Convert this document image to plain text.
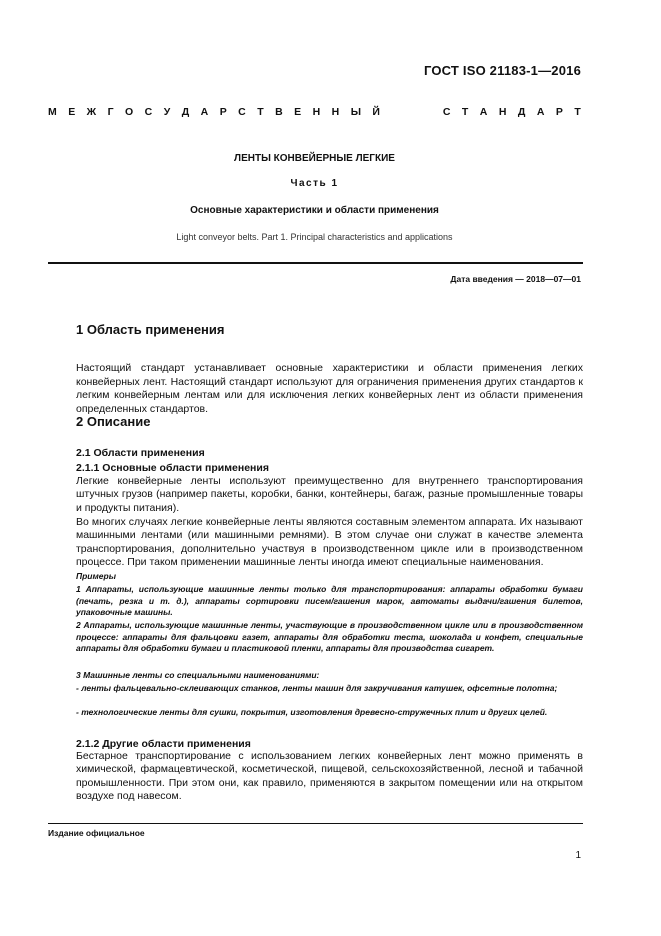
ГОСТ ISO 21183-1—2016
М Е Ж Г О С У Д А Р С Т В Е Н Н Ы Й	С Т А Н Д А Р Т
ЛЕНТЫ КОНВЕЙЕРНЫЕ ЛЕГКИЕ
Часть 1
Основные характеристики и области применения
Light conveyor belts. Part 1. Principal characteristics and applications
Дата введения — 2018—07—01
1 Область применения
Настоящий стандарт устанавливает основные характеристики и области применения легких конвейерных лент. Настоящий стандарт используют для ограничения применения других стандартов к легким конвейерным лентам или для исключения легких конвейерных лент из области применения определенных стандартов.
2 Описание
2.1 Области применения
2.1.1 Основные области применения
Легкие конвейерные ленты используют преимущественно для внутреннего транспортирования штучных грузов (например пакеты, коробки, банки, контейнеры, багаж, разные промышленные товары и продукты питания).
Во многих случаях легкие конвейерные ленты являются составным элементом аппарата. Их называют машинными лентами (или машинными ремнями). В этом случае они служат в качестве элемента транспортирования, дополнительно участвуя в производственном цикле или в производственном процессе. При таком применении машинные ленты иногда имеют специальные наименования.
Примеры
1 Аппараты, использующие машинные ленты только для транспортирования: аппараты обработки бумаги (печать, резка и т. д.), аппараты сортировки писем/гашения марок, автоматы выдачи/гашения билетов, упаковочные машины.
2 Аппараты, использующие машинные ленты, участвующие в производственном цикле или в производственном процессе: аппараты для фальцовки газет, аппараты для обработки теста, шоколада и конфет, специальные аппараты для обработки бумаги и пластиковой пленки, аппараты для производства сигарет.
3 Машинные ленты со специальными наименованиями:
- ленты фальцевально-склеивающих станков, ленты машин для закручивания катушек, офсетные полотна;
- технологические ленты для сушки, покрытия, изготовления древесно-стружечных плит и других целей.
2.1.2 Другие области применения
Бестарное транспортирование с использованием легких конвейерных лент можно применять в химической, фармацевтической, косметической, пищевой, сельскохозяйственной, лесной и табачной промышленности. При этом они, как правило, применяются в закрытом помещении или на открытом воздухе под навесом.
Издание официальное
1
